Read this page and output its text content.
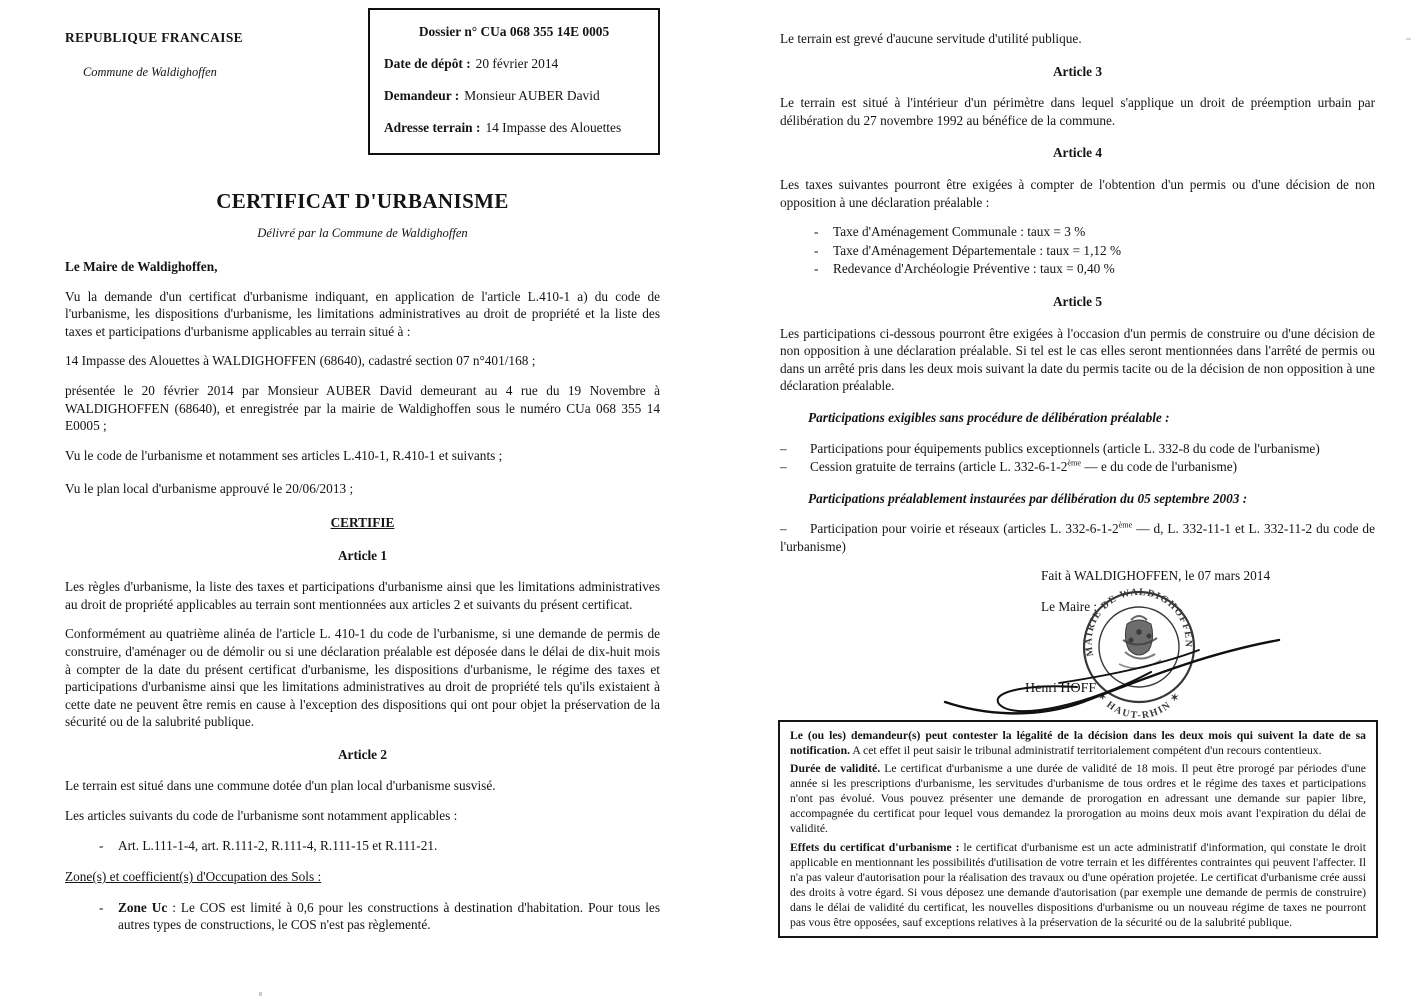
REPUBLIQUE FRANCAISE
Commune de Waldighoffen
Dossier n° CUa 068 355 14E 0005
Date de dépôt : 20 février 2014
Demandeur : Monsieur AUBER David
Adresse terrain : 14 Impasse des Alouettes
CERTIFICAT D'URBANISME
Délivré par la Commune de Waldighoffen

Le Maire de Waldighoffen,

Vu la demande d'un certificat d'urbanisme indiquant, en application de l'article L.410-1 a) du code de l'urbanisme, les dispositions d'urbanisme, les limitations administratives au droit de propriété et la liste des taxes et participations d'urbanisme applicables au terrain situé à :

14 Impasse des Alouettes à WALDIGHOFFEN (68640), cadastré section 07 n°401/168 ;

présentée le 20 février 2014 par Monsieur AUBER David demeurant au 4 rue du 19 Novembre à WALDIGHOFFEN (68640), et enregistrée par la mairie de Waldighoffen sous le numéro CUa 068 355 14 E0005 ;

Vu le code de l'urbanisme et notamment ses articles L.410-1, R.410-1 et suivants ;

Vu le plan local d'urbanisme approuvé le 20/06/2013 ;

CERTIFIE

Article 1

Les règles d'urbanisme, la liste des taxes et participations d'urbanisme ainsi que les limitations administratives au droit de propriété applicables au terrain sont mentionnées aux articles 2 et suivants du présent certificat.

Conformément au quatrième alinéa de l'article L. 410-1 du code de l'urbanisme, si une demande de permis de construire, d'aménager ou de démolir ou si une déclaration préalable est déposée dans le délai de dix-huit mois à compter de la date du présent certificat d'urbanisme, les dispositions d'urbanisme, le régime des taxes et participations d'urbanisme ainsi que les limitations administratives au droit de propriété tels qu'ils existaient à cette date ne peuvent être remis en cause à l'exception des dispositions qui ont pour objet la préservation de la sécurité ou de la salubrité publique.

Article 2

Le terrain est situé dans une commune dotée d'un plan local d'urbanisme susvisé.

Les articles suivants du code de l'urbanisme sont notamment applicables :

- Art. L.111-1-4, art. R.111-2, R.111-4, R.111-15 et R.111-21.

Zone(s) et coefficient(s) d'Occupation des Sols :

- Zone Uc : Le COS est limité à 0,6 pour les constructions à destination d'habitation. Pour tous les autres types de constructions, le COS n'est pas règlementé.

Le terrain est grevé d'aucune servitude d'utilité publique.

Article 3

Le terrain est situé à l'intérieur d'un périmètre dans lequel s'applique un droit de préemption urbain par délibération du 27 novembre 1992 au bénéfice de la commune.

Article 4

Les taxes suivantes pourront être exigées à compter de l'obtention d'un permis ou d'une décision de non opposition à une déclaration préalable :

- Taxe d'Aménagement Communale : taux = 3 %

- Taxe d'Aménagement Départementale : taux = 1,12 %

- Redevance d'Archéologie Préventive : taux = 0,40 %

Article 5

Les participations ci-dessous pourront être exigées à l'occasion d'un permis de construire ou d'une décision de non opposition à une déclaration préalable. Si tel est le cas elles seront mentionnées dans l'arrêté de permis ou dans un arrêté pris dans les deux mois suivant la date du permis tacite ou de la décision de non opposition à une déclaration préalable.

Participations exigibles sans procédure de délibération préalable :

– Participations pour équipements publics exceptionnels (article L. 332-8 du code de l'urbanisme)

– Cession gratuite de terrains (article L. 332-6-1-2ème — e du code de l'urbanisme)

Participations préalablement instaurées par délibération du 05 septembre 2003 :

– Participation pour voirie et réseaux (articles L. 332-6-1-2ème — d, L. 332-11-1 et L. 332-11-2 du code de l'urbanisme)

Fait à WALDIGHOFFEN, le 07 mars 2014

Le Maire :

MAIRIE DE WALDIGHOFFEN
✶ HAUT-RHIN ✶
Henri HOFF

Le (ou les) demandeur(s) peut contester la légalité de la décision dans les deux mois qui suivent la date de sa notification. A cet effet il peut saisir le tribunal administratif territorialement compétent d'un recours contentieux.

Durée de validité. Le certificat d'urbanisme a une durée de validité de 18 mois. Il peut être prorogé par périodes d'une année si les prescriptions d'urbanisme, les servitudes d'urbanisme de tous ordres et le régime des taxes et participations n'ont pas évolué. Vous pouvez présenter une demande de prorogation en adressant une demande sur papier libre, accompagnée du certificat pour lequel vous demandez la prorogation au moins deux mois avant l'expiration du délai de validité.

Effets du certificat d'urbanisme : le certificat d'urbanisme est un acte administratif d'information, qui constate le droit applicable en mentionnant les possibilités d'utilisation de votre terrain et les différentes contraintes qui peuvent l'affecter. Il n'a pas valeur d'autorisation pour la réalisation des travaux ou d'une opération projetée. Le certificat d'urbanisme crée aussi des droits à votre égard. Si vous déposez une demande d'autorisation (par exemple une demande de permis de construire) dans le délai de validité du certificat, les nouvelles dispositions d'urbanisme ou un nouveau régime de taxes ne pourront pas vous être opposées, sauf exceptions relatives à la préservation de la sécurité ou de la salubrité publique.
